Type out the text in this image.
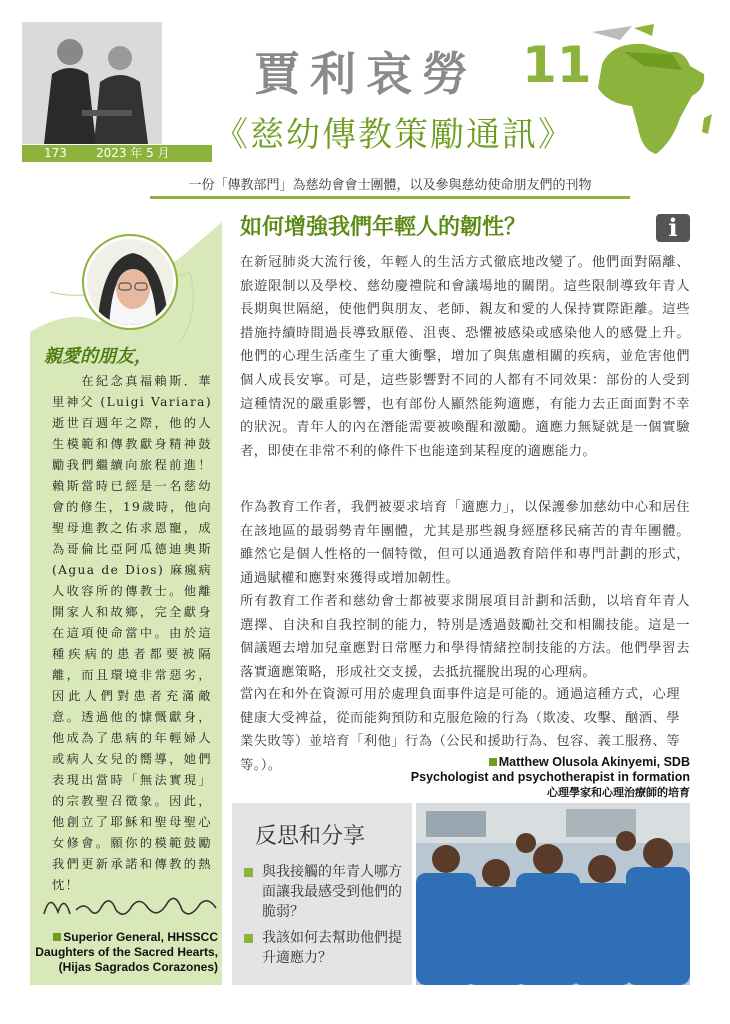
173 2023 年 5 月
賈利哀勞 11
《慈幼傳教策勵通訊》
一份「傳教部門」為慈幼會會士團體，以及參與慈幼使命朋友們的刊物
親愛的朋友，
在紀念真福賴斯．華里神父 (Luigi Variara) 逝世百週年之際，他的人生模範和傳教獻身精神鼓勵我們繼續向旅程前進！賴斯當時已經是一名慈幼會的修生，19歲時，他向聖母進教之佑求恩寵，成為哥倫比亞阿瓜德迪奧斯 (Agua de Dios) 麻瘋病人收容所的傳教士。他離開家人和故鄉，完全獻身在這項使命當中。由於這種疾病的患者都要被隔離，而且環境非常惡劣，因此人們對患者充滿敵意。透過他的慷慨獻身，他成為了患病的年輕婦人或病人女兒的嚮導，她們表現出當時「無法實現」的宗教聖召徵象。因此，他創立了耶穌和聖母聖心女修會。願你的模範鼓勵我們更新承諾和傳教的熱忱！
Superior General, HHSSCC Daughters of the Sacred Hearts, (Hijas Sagrados Corazones)
如何增強我們年輕人的韌性？	i
在新冠肺炎大流行後，年輕人的生活方式徹底地改變了。他們面對隔離、旅遊限制以及學校、慈幼慶禮院和會議場地的關閉。這些限制導致年青人長期與世隔絕，使他們與朋友、老師、親友和愛的人保持實際距離。這些措施持續時間過長導致厭倦、沮喪、恐懼被感染或感染他人的感覺上升。他們的心理生活產生了重大衝擊，增加了與焦慮相關的疾病，並危害他們個人成長安寧。可是，這些影響對不同的人都有不同效果：部份的人受到這種情況的嚴重影響，也有部份人顯然能夠適應，有能力去正面面對不幸的狀況。青年人的內在潛能需要被喚醒和激勵。適應力無疑就是一個實驗者，即使在非常不利的條件下也能達到某程度的適應能力。
作為教育工作者，我們被要求培育「適應力」，以保護參加慈幼中心和居住在該地區的最弱勢青年團體，尤其是那些親身經歷移民痛苦的青年團體。 雖然它是個人性格的一個特徵，但可以通過教育陪伴和專門計劃的形式，通過賦權和應對來獲得或增加韌性。
所有教育工作者和慈幼會士都被要求開展項目計劃和活動，以培育年青人選擇、自決和自我控制的能力，特別是透過鼓勵社交和相關技能。這是一個議題去增加兒童應對日常壓力和學得情緒控制技能的方法。他們學習去落實適應策略，形成社交支援，去抵抗擺脫出現的心理病。
當內在和外在資源可用於處理負面事件這是可能的。通過這種方式，心理健康大受裨益，從而能夠預防和克服危險的行為（欺凌、攻擊、酗酒、學業失敗等）並培育「利他」行為（公民和援助行為、包容、義工服務、等等。）。	Matthew Olusola Akinyemi, SDB
Psychologist and psychotherapist in formation
心理學家和心理治療師的培育
反思和分享
與我接觸的年青人哪方面讓我最感受到他們的脆弱？
我該如何去幫助他們提升適應力？
